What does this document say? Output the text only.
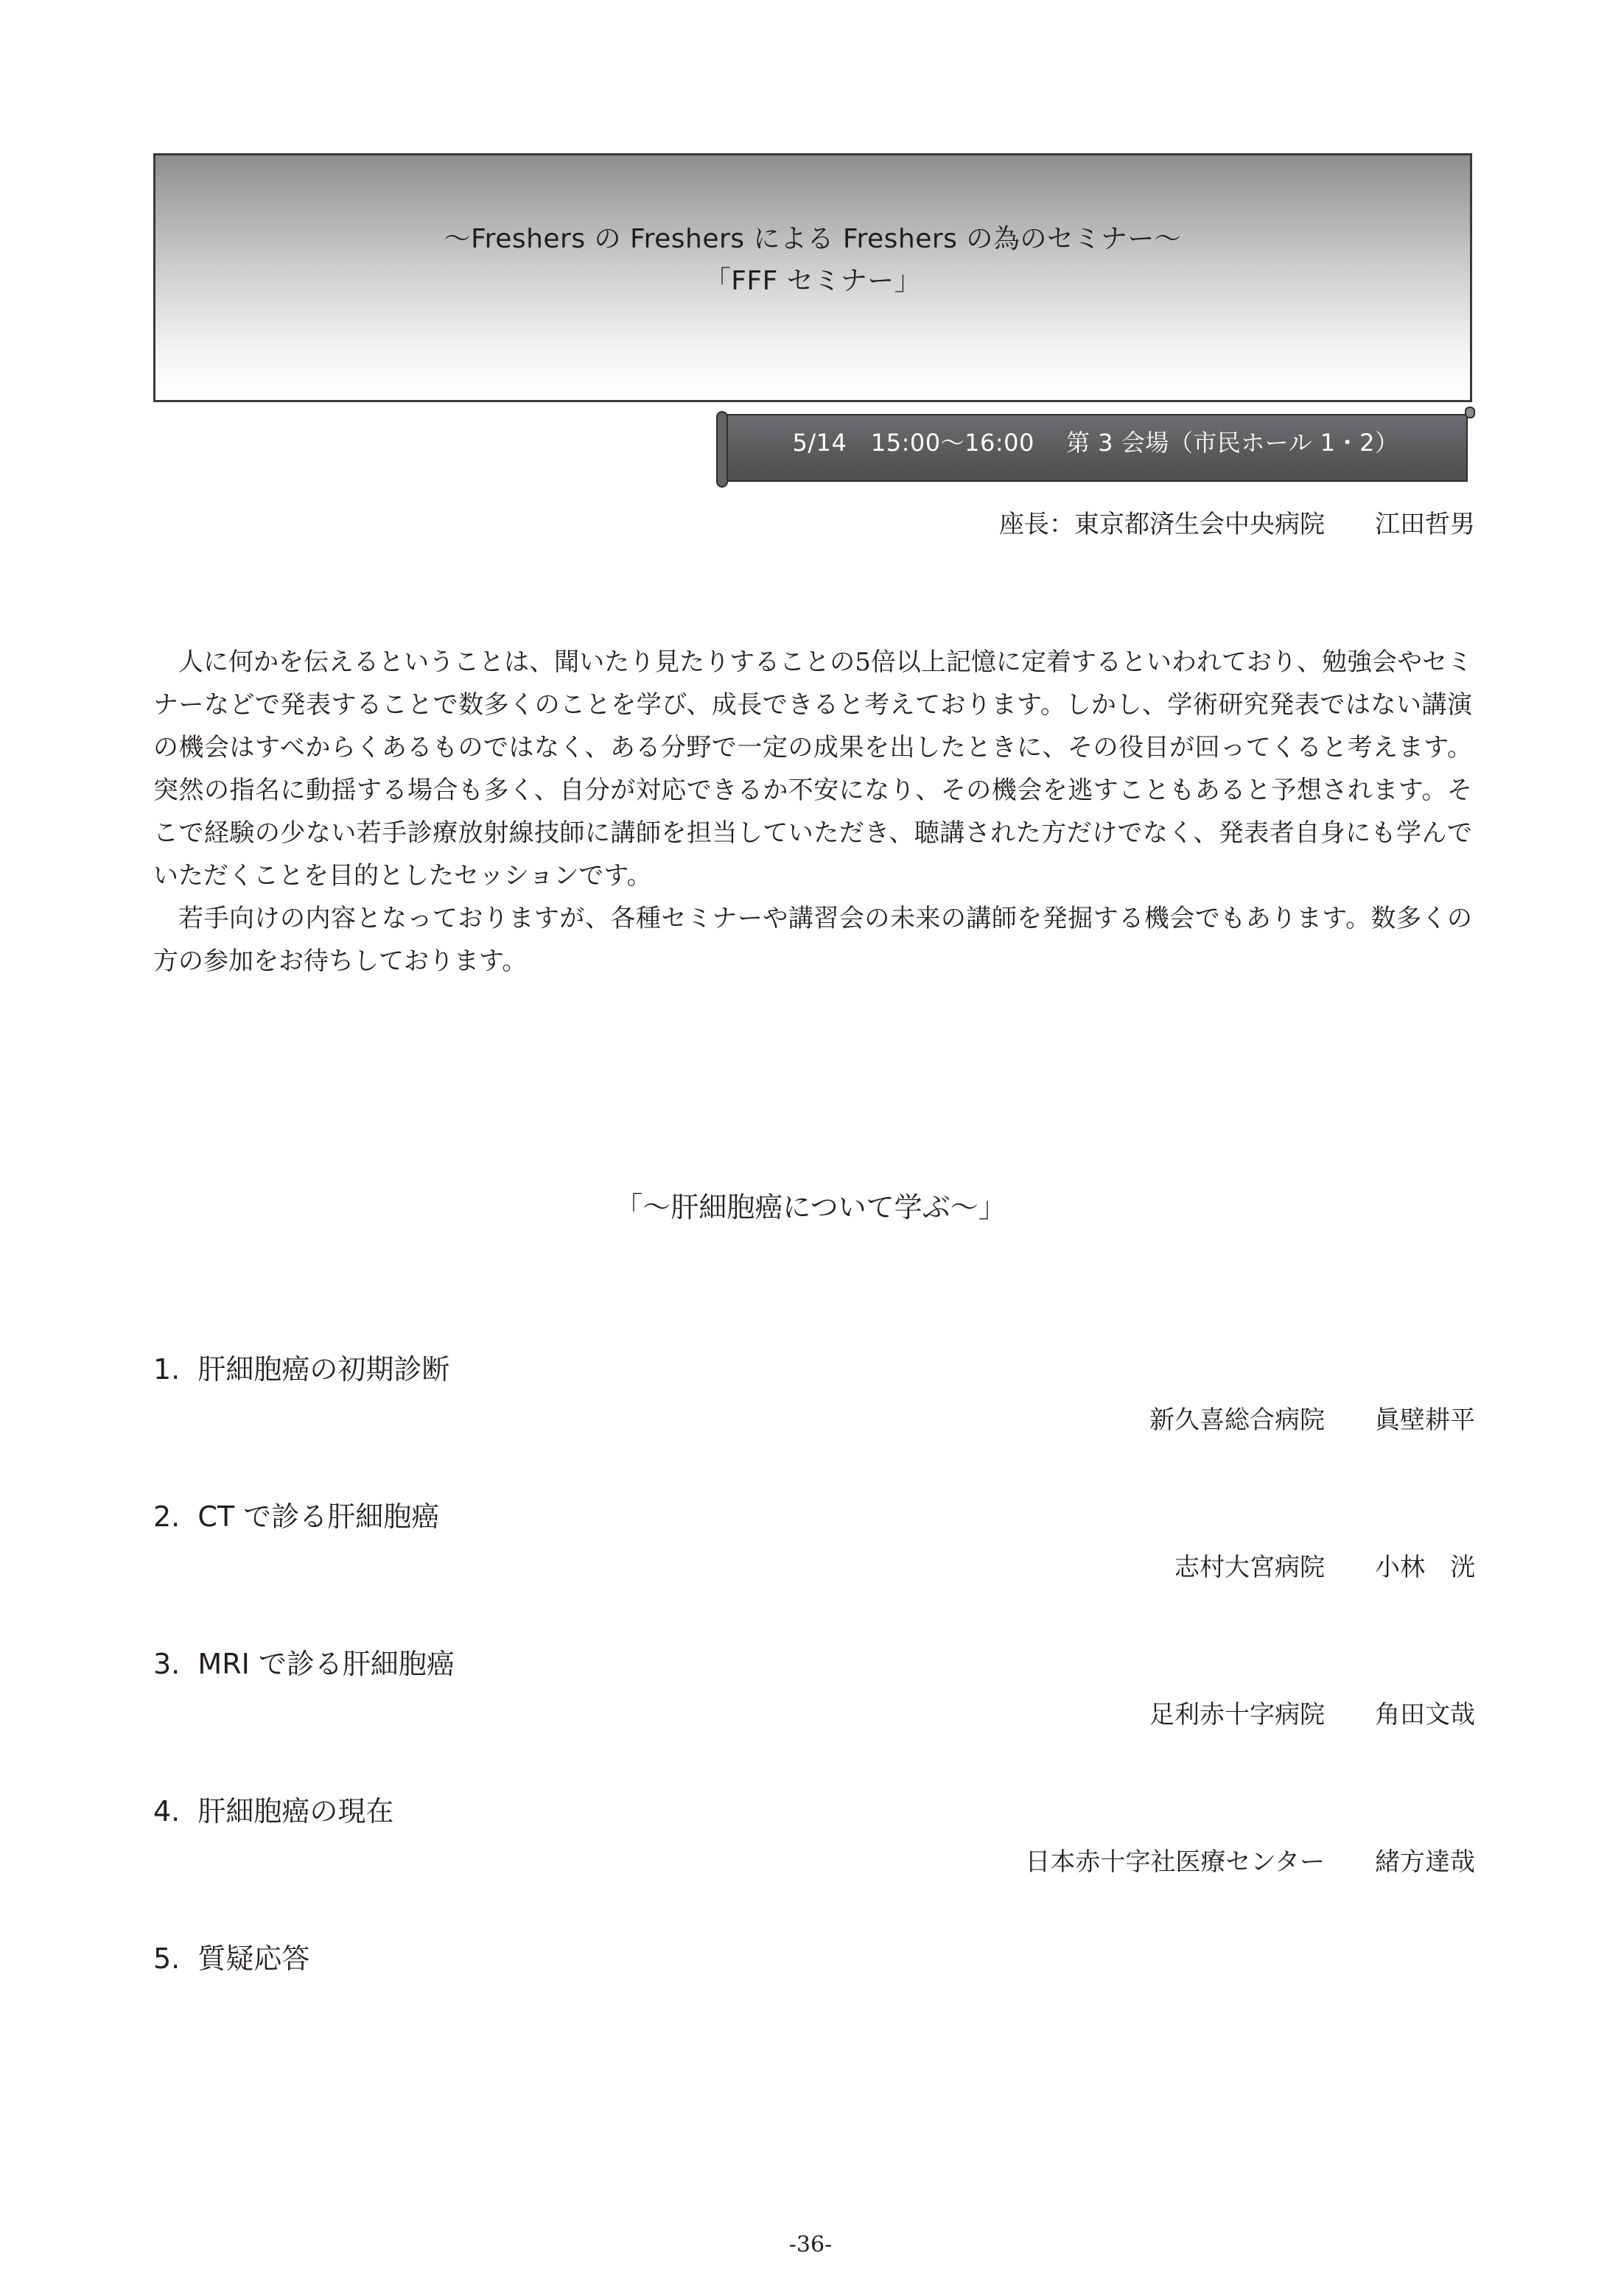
〜Freshers の Freshers による Freshers の為のセミナー〜
「FFF セミナー」
5/14　15:00〜16:00　 第 3 会場（市民ホール 1・2）
座長：東京都済生会中央病院　　江田哲男

人に何かを伝えるということは、聞いたり見たりすることの5倍以上記憶に定着するといわれており、勉強会やセミナーなどで発表することで数多くのことを学び、成長できると考えております。しかし、学術研究発表ではない講演の機会はすべからくあるものではなく、ある分野で一定の成果を出したときに、その役目が回ってくると考えます。突然の指名に動揺する場合も多く、自分が対応できるか不安になり、その機会を逃すこともあると予想されます。そこで経験の少ない若手診療放射線技師に講師を担当していただき、聴講された方だけでなく、発表者自身にも学んでいただくことを目的としたセッションです。

若手向けの内容となっておりますが、各種セミナーや講習会の未来の講師を発掘する機会でもあります。数多くの方の参加をお待ちしております。

「〜肝細胞癌について学ぶ〜」
1.  肝細胞癌の初期診断
新久喜総合病院　　眞壁耕平
2.  CT で診る肝細胞癌
志村大宮病院　　小林　洸
3.  MRI で診る肝細胞癌
足利赤十字病院　　角田文哉
4.  肝細胞癌の現在
日本赤十字社医療センター　　緒方達哉
5.  質疑応答
-36-
